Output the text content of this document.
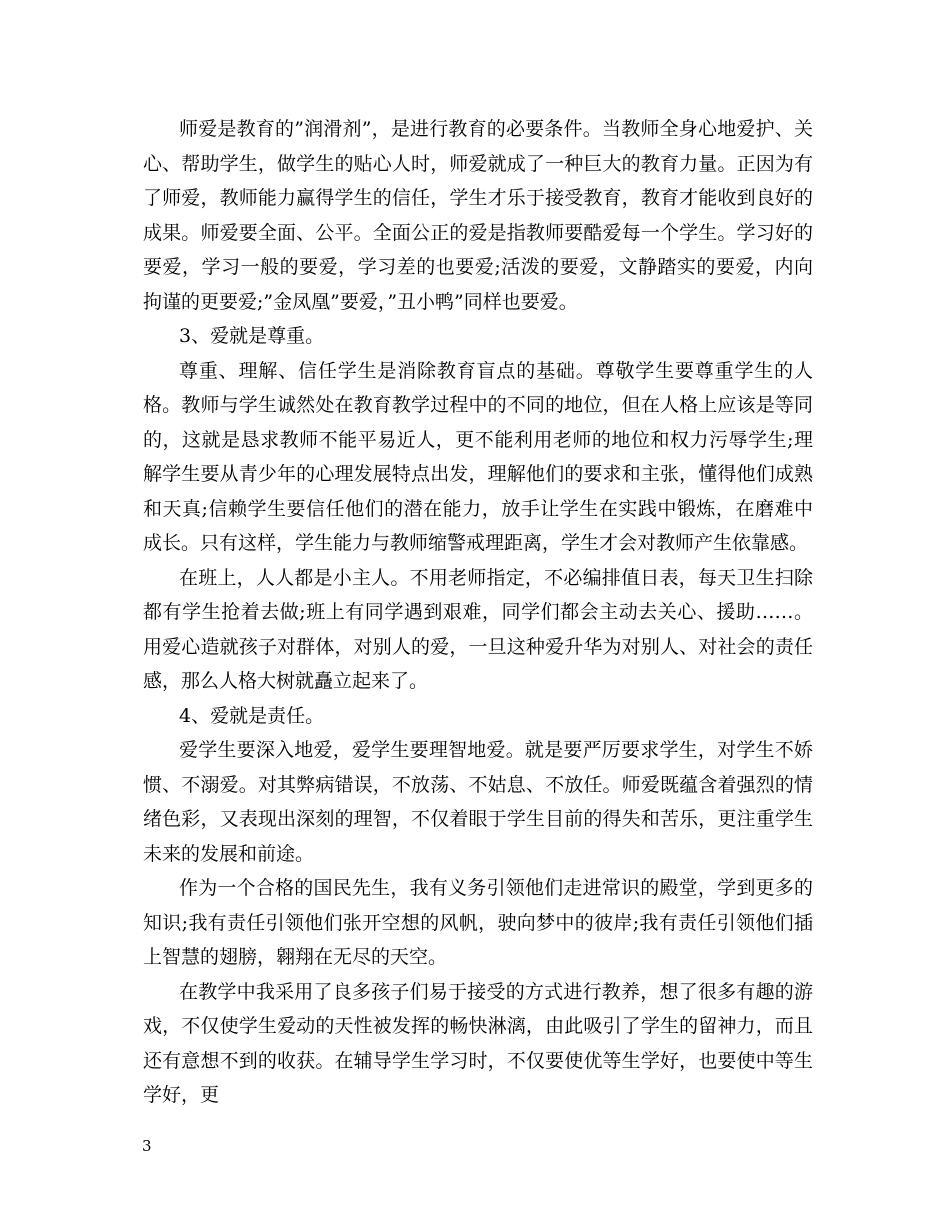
师爱是教育的”润滑剂”，是进行教育的必要条件。当教师全身心地爱护、关心、帮助学生，做学生的贴心人时，师爱就成了一种巨大的教育力量。正因为有了师爱，教师能力赢得学生的信任，学生才乐于接受教育，教育才能收到良好的成果。师爱要全面、公平。全面公正的爱是指教师要酷爱每一个学生。学习好的要爱，学习一般的要爱，学习差的也要爱;活泼的要爱，文静踏实的要爱，内向拘谨的更要爱;”金凤凰”要爱，”丑小鸭”同样也要爱。

3、爱就是尊重。

尊重、理解、信任学生是消除教育盲点的基础。尊敬学生要尊重学生的人格。教师与学生诚然处在教育教学过程中的不同的地位，但在人格上应该是等同的，这就是恳求教师不能平易近人，更不能利用老师的地位和权力污辱学生;理解学生要从青少年的心理发展特点出发，理解他们的要求和主张，懂得他们成熟和天真;信赖学生要信任他们的潜在能力，放手让学生在实践中锻炼，在磨难中成长。只有这样，学生能力与教师缩警戒理距离，学生才会对教师产生依靠感。

在班上，人人都是小主人。不用老师指定，不必编排值日表，每天卫生扫除都有学生抢着去做;班上有同学遇到艰难，同学们都会主动去关心、援助……。用爱心造就孩子对群体，对别人的爱，一旦这种爱升华为对别人、对社会的责任感，那么人格大树就矗立起来了。

4、爱就是责任。

爱学生要深入地爱，爱学生要理智地爱。就是要严厉要求学生，对学生不娇惯、不溺爱。对其弊病错误，不放荡、不姑息、不放任。师爱既蕴含着强烈的情绪色彩，又表现出深刻的理智，不仅着眼于学生目前的得失和苦乐，更注重学生未来的发展和前途。

作为一个合格的国民先生，我有义务引领他们走进常识的殿堂，学到更多的知识;我有责任引领他们张开空想的风帆，驶向梦中的彼岸;我有责任引领他们插上智慧的翅膀，翱翔在无尽的天空。

在教学中我采用了良多孩子们易于接受的方式进行教养，想了很多有趣的游戏，不仅使学生爱动的天性被发挥的畅快淋漓，由此吸引了学生的留神力，而且还有意想不到的收获。在辅导学生学习时，不仅要使优等生学好，也要使中等生学好，更

3
